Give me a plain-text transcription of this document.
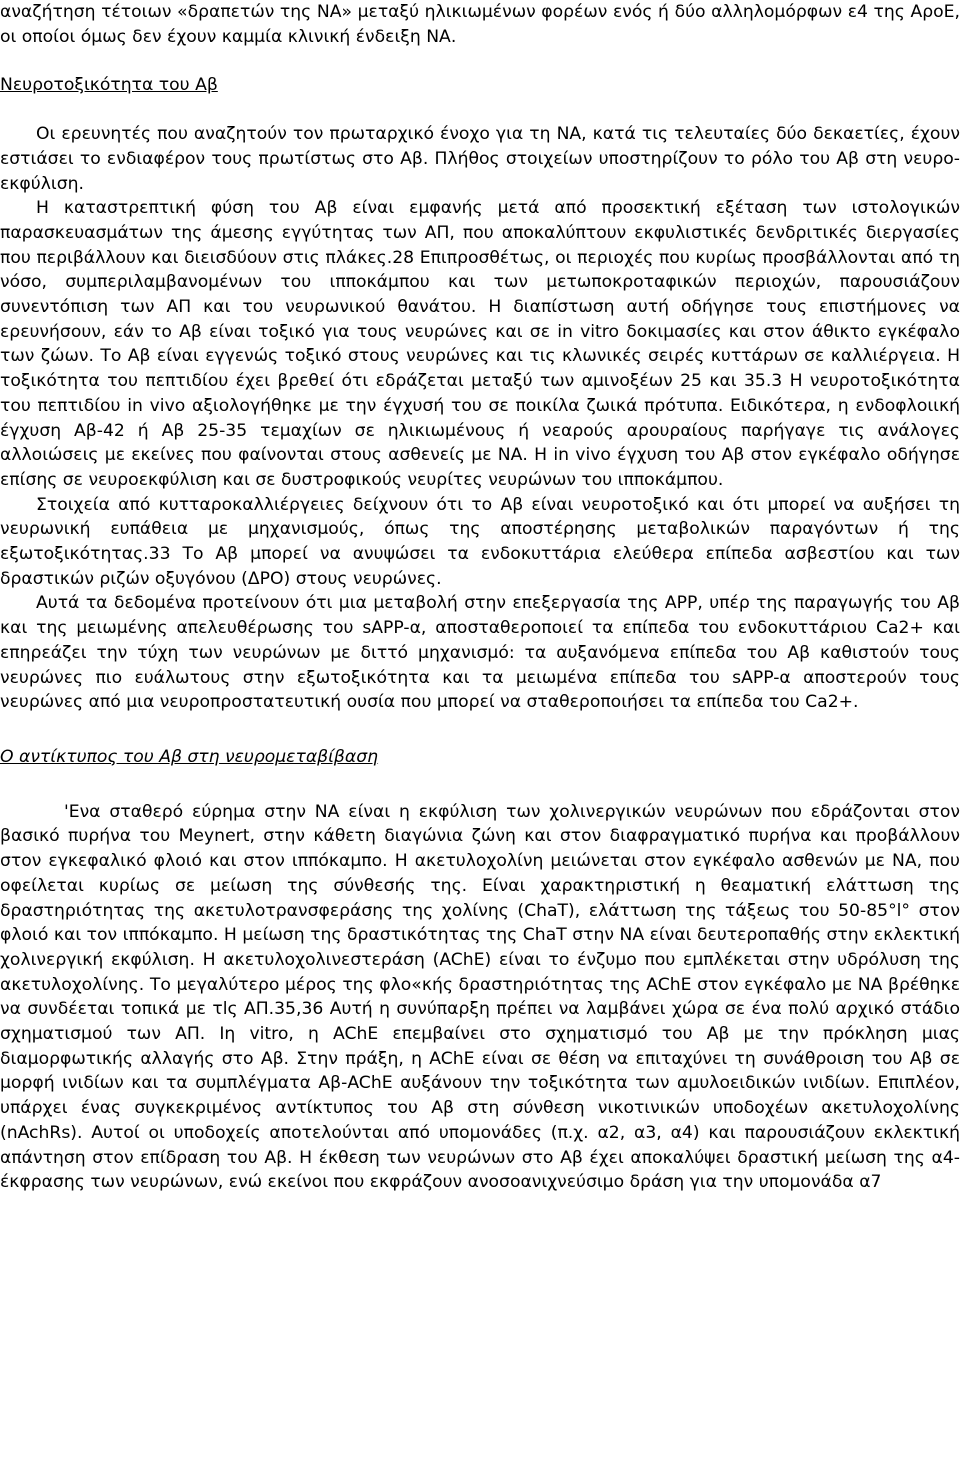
αναζήτηση τέτοιων «δραπετών της ΝΑ» μεταξύ ηλικιωμένων φορέων ενός ή δύο αλληλομόρφων ε4 της ΑροΕ, οι οποίοι όμως δεν έχουν καμμία κλινική ένδειξη ΝΑ.

Νευροτοξικότητα του Αβ

Οι ερευνητές που αναζητούν τον πρωταρχικό ένοχο για τη ΝΑ, κατά τις τελευταίες δύο δεκαετίες, έχουν εστιάσει το ενδιαφέρον τους πρωτίστως στο Αβ. Πλήθος στοιχείων υποστηρίζουν το ρόλο του Αβ στη νευρο-εκφύλιση.

Η καταστρεπτική φύση του Αβ είναι εμφανής μετά από προσεκτική εξέταση των ιστολογικών παρασκευασμάτων της άμεσης εγγύτητας των ΑΠ, που αποκαλύπτουν εκφυλιστικές δενδριτικές διεργασίες που περιβάλλουν και διεισδύουν στις πλάκες.28 Επιπροσθέτως, οι περιοχές που κυρίως προσβάλλονται από τη νόσο, συμπεριλαμβανομένων του ιπποκάμπου και των μετωποκροταφικών περιοχών, παρουσιάζουν συνεντόπιση των ΑΠ και του νευρωνικού θανάτου. Η διαπίστωση αυτή οδήγησε τους επιστήμονες να ερευνήσουν, εάν το Αβ είναι τοξικό για τους νευρώνες και σε in vitro δοκιμασίες και στον άθικτο εγκέφαλο των ζώων. Το Αβ είναι εγγενώς τοξικό στους νευρώνες και τις κλωνικές σειρές κυττάρων σε καλλιέργεια. Η τοξικότητα του πεπτιδίου έχει βρεθεί ότι εδράζεται μεταξύ των αμινοξέων 25 και 35.3 Η νευροτοξικότητα του πεπτιδίου in vivo αξιολογήθηκε με την έγχυσή του σε ποικίλα ζωικά πρότυπα. Ειδικότερα, η ενδοφλοιική έγχυση Αβ-42 ή Αβ 25-35 τεμαχίων σε ηλικιωμένους ή νεαρούς αρουραίους παρήγαγε τις ανάλογες αλλοιώσεις με εκείνες που φαίνονται στους ασθενείς με ΝΑ. Η in vivo έγχυση του Αβ στον εγκέφαλο οδήγησε επίσης σε νευροεκφύλιση και σε δυστροφικούς νευρίτες νευρώνων του ιπποκάμπου.

Στοιχεία από κυτταροκαλλιέργειες δείχνουν ότι το Αβ είναι νευροτοξικό και ότι μπορεί να αυξήσει τη νευρωνική ευπάθεια με μηχανισμούς, όπως της αποστέρησης μεταβολικών παραγόντων ή της εξωτοξικότητας.33 Το Αβ μπορεί να ανυψώσει τα ενδοκυττάρια ελεύθερα επίπεδα ασβεστίου και των δραστικών ριζών οξυγόνου (ΔΡΟ) στους νευρώνες.

Αυτά τα δεδομένα προτείνουν ότι μια μεταβολή στην επεξεργασία της ΑΡΡ, υπέρ της παραγωγής του Αβ και της μειωμένης απελευθέρωσης του sAPP-α, αποσταθεροποιεί τα επίπεδα του ενδοκυττάριου Ca2+ και επηρεάζει την τύχη των νευρώνων με διττό μηχανισμό: τα αυξανόμενα επίπεδα του Αβ καθιστούν τους νευρώνες πιο ευάλωτους στην εξωτοξικότητα και τα μειωμένα επίπεδα του sAPP-α αποστερούν τους νευρώνες από μια νευροπροστατευτική ουσία που μπορεί να σταθεροποιήσει τα επίπεδα του Ca2+.

Ο αντίκτυπος του Αβ στη νευρομεταβίβαση

'Ενα σταθερό εύρημα στην ΝΑ είναι η εκφύλιση των χολινεργικών νευρώνων που εδράζονται στον βασικό πυρήνα του Meynert, στην κάθετη διαγώνια ζώνη και στον διαφραγματικό πυρήνα και προβάλλουν στον εγκεφαλικό φλοιό και στον ιππόκαμπο. Η ακετυλοχολίνη μειώνεται στον εγκέφαλο ασθενών με ΝΑ, που οφείλεται κυρίως σε μείωση της σύνθεσής της. Είναι χαρακτηριστική η θεαματική ελάττωση της δραστηριότητας της ακετυλοτρανσφεράσης της χολίνης (ChaT), ελάττωση της τάξεως του 50-85°l° στον φλοιό και τον ιππόκαμπο. Η μείωση της δραστικότητας της ChaT στην ΝΑ είναι δευτεροπαθής στην εκλεκτική χολινεργική εκφύλιση. Η ακετυλοχολινεστεράση (AChE) είναι το ένζυμο που εμπλέκεται στην υδρόλυση της ακετυλοχολίνης. Το μεγαλύτερο μέρος της φλο«κής δραστηριότητας της AChE στον εγκέφαλο με ΝΑ βρέθηκε να συνδέεται τοπικά με τlς ΑΠ.35,36 Αυτή η συνύπαρξη πρέπει να λαμβάνει χώρα σε ένα πολύ αρχικό στάδιο σχηματισμού των ΑΠ. Ιη vitro, η AChE επεμβαίνει στο σχηματισμό του Αβ με την πρόκληση μιας διαμορφωτικής αλλαγής στο Αβ. Στην πράξη, η AChE είναι σε θέση να επιταχύνει τη συνάθροιση του Αβ σε μορφή ινιδίων και τα συμπλέγματα Αβ-AChE αυξάνουν την τοξικότητα των αμυλοειδικών ινιδίων. Επιπλέον, υπάρχει ένας συγκεκριμένος αντίκτυπος του Αβ στη σύνθεση νικοτινικών υποδοχέων ακετυλοχολίνης (nAchRs). Αυτοί οι υποδοχείς αποτελούνται από υπομονάδες (π.χ. α2, α3, α4) και παρουσιάζουν εκλεκτική απάντηση στον επίδραση του Αβ. Η έκθεση των νευρώνων στο Αβ έχει αποκαλύψει δραστική μείωση της α4-έκφρασης των νευρώνων, ενώ εκείνοι που εκφράζουν ανοσοανιχνεύσιμο δράση για την υπομονάδα α7
